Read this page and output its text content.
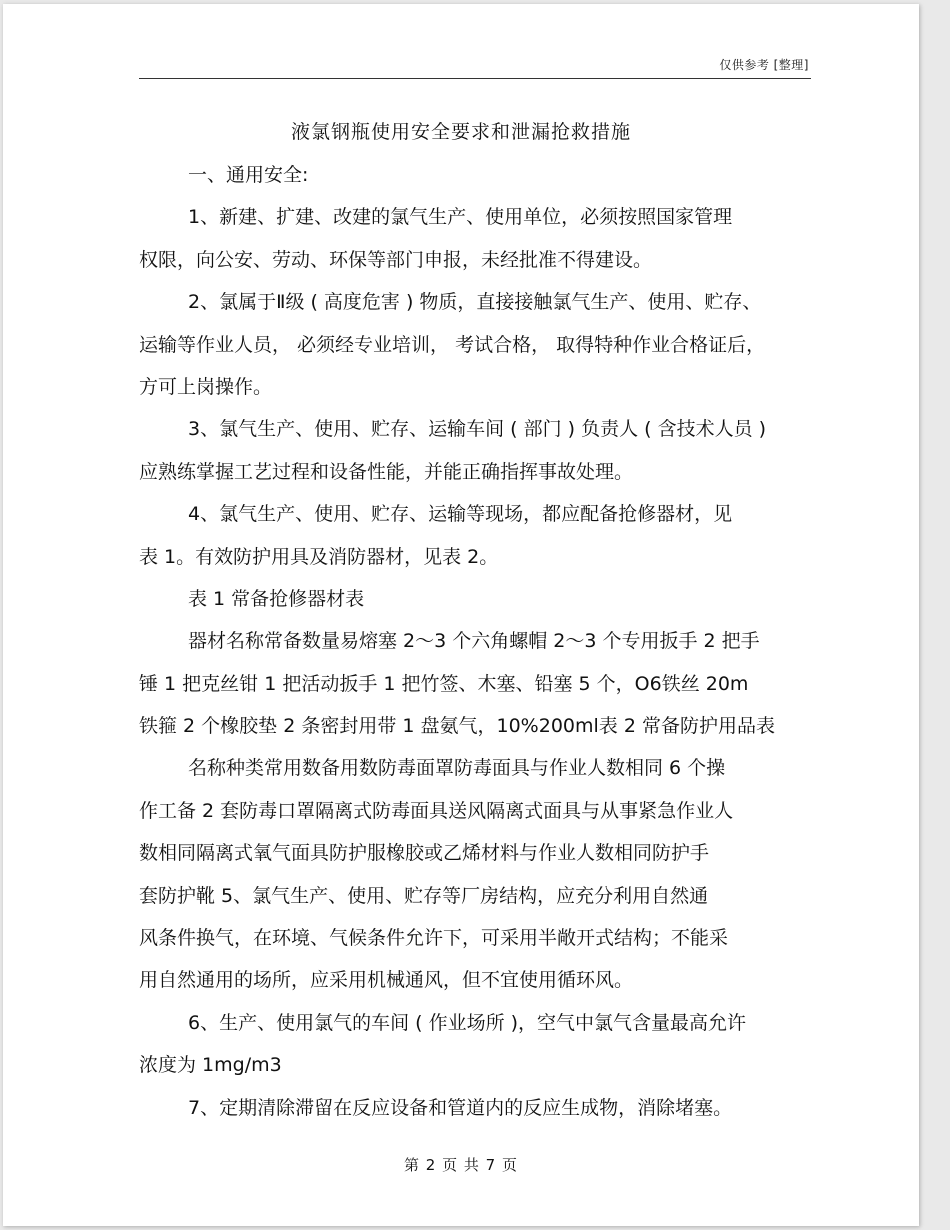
仅供参考 [整理]
液氯钢瓶使用安全要求和泄漏抢救措施
一、通用安全:
1、新建、扩建、改建的氯气生产、使用单位，必须按照国家管理
权限，向公安、劳动、环保等部门申报，未经批准不得建设。
2、氯属于Ⅱ级 ( 高度危害 ) 物质，直接接触氯气生产、使用、贮存、
运输等作业人员， 必须经专业培训， 考试合格， 取得特种作业合格证后，
方可上岗操作。
3、氯气生产、使用、贮存、运输车间 ( 部门 ) 负责人 ( 含技术人员 )
应熟练掌握工艺过程和设备性能，并能正确指挥事故处理。
4、氯气生产、使用、贮存、运输等现场，都应配备抢修器材，见
表 1。有效防护用具及消防器材，见表 2。
表 1 常备抢修器材表
器材名称常备数量易熔塞 2～3 个六角螺帽 2～3 个专用扳手 2 把手
锤 1 把克丝钳 1 把活动扳手 1 把竹签、木塞、铅塞 5 个，O6铁丝 20m
铁箍 2 个橡胶垫 2 条密封用带 1 盘氨气，10%200ml表 2 常备防护用品表
名称种类常用数备用数防毒面罩防毒面具与作业人数相同 6 个操
作工备 2 套防毒口罩隔离式防毒面具送风隔离式面具与从事紧急作业人
数相同隔离式氧气面具防护服橡胶或乙烯材料与作业人数相同防护手
套防护靴 5、氯气生产、使用、贮存等厂房结构，应充分利用自然通
风条件换气，在环境、气候条件允许下，可采用半敞开式结构；不能采
用自然通用的场所，应采用机械通风，但不宜使用循环风。
6、生产、使用氯气的车间 ( 作业场所 )，空气中氯气含量最高允许
浓度为 1mg/m3
7、定期清除滞留在反应设备和管道内的反应生成物，消除堵塞。
第 2 页 共 7 页
